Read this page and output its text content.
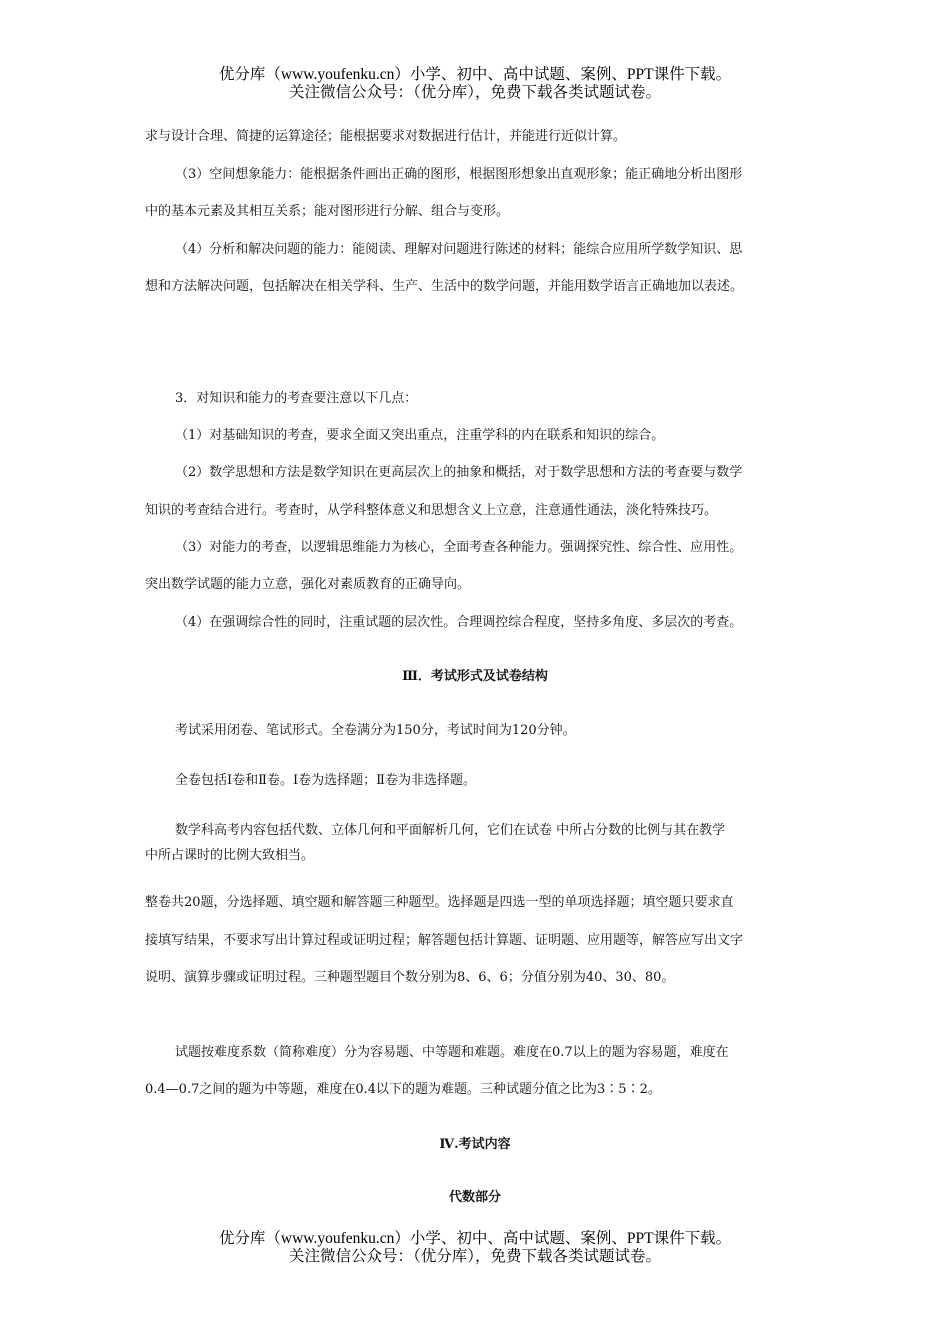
优分库（www.youfenku.cn）小学、初中、高中试题、案例、PPT课件下载。
关注微信公众号：（优分库），免费下载各类试题试卷。
求与设计合理、简捷的运算途径；能根据要求对数据进行估计，并能进行近似计算。
（3）空间想象能力：能根据条件画出正确的图形，根据图形想象出直观形象；能正确地分析出图形
中的基本元素及其相互关系；能对图形进行分解、组合与变形。
（4）分析和解决问题的能力：能阅读、理解对问题进行陈述的材料；能综合应用所学数学知识、思
想和方法解决问题，包括解决在相关学科、生产、生活中的数学问题，并能用数学语言正确地加以表述。
3．对知识和能力的考查要注意以下几点：
（1）对基础知识的考查，要求全面又突出重点，注重学科的内在联系和知识的综合。
（2）数学思想和方法是数学知识在更高层次上的抽象和概括，对于数学思想和方法的考查要与数学
知识的考查结合进行。考查时，从学科整体意义和思想含义上立意，注意通性通法，淡化特殊技巧。
（3）对能力的考查，以逻辑思维能力为核心，全面考查各种能力。强调探究性、综合性、应用性。
突出数学试题的能力立意，强化对素质教育的正确导向。
（4）在强调综合性的同时，注重试题的层次性。合理调控综合程度，坚持多角度、多层次的考查。
Ⅲ．考试形式及试卷结构
考试采用闭卷、笔试形式。全卷满分为150分，考试时间为120分钟。
全卷包括Ⅰ卷和Ⅱ卷。Ⅰ卷为选择题；Ⅱ卷为非选择题。
数学科高考内容包括代数、立体几何和平面解析几何，它们在试卷 中所占分数的比例与其在教学
中所占课时的比例大致相当。
整卷共20题，分选择题、填空题和解答题三种题型。选择题是四选一型的单项选择题；填空题只要求直
接填写结果，不要求写出计算过程或证明过程；解答题包括计算题、证明题、应用题等，解答应写出文字
说明、演算步骤或证明过程。三种题型题目个数分别为8、6、6；分值分别为40、30、80。
试题按难度系数（简称难度）分为容易题、中等题和难题。难度在0.7以上的题为容易题，难度在
0.4—0.7之间的题为中等题，难度在0.4以下的题为难题。三种试题分值之比为3∶5∶2。
Ⅳ.考试内容
代数部分
优分库（www.youfenku.cn）小学、初中、高中试题、案例、PPT课件下载。
关注微信公众号：（优分库），免费下载各类试题试卷。
